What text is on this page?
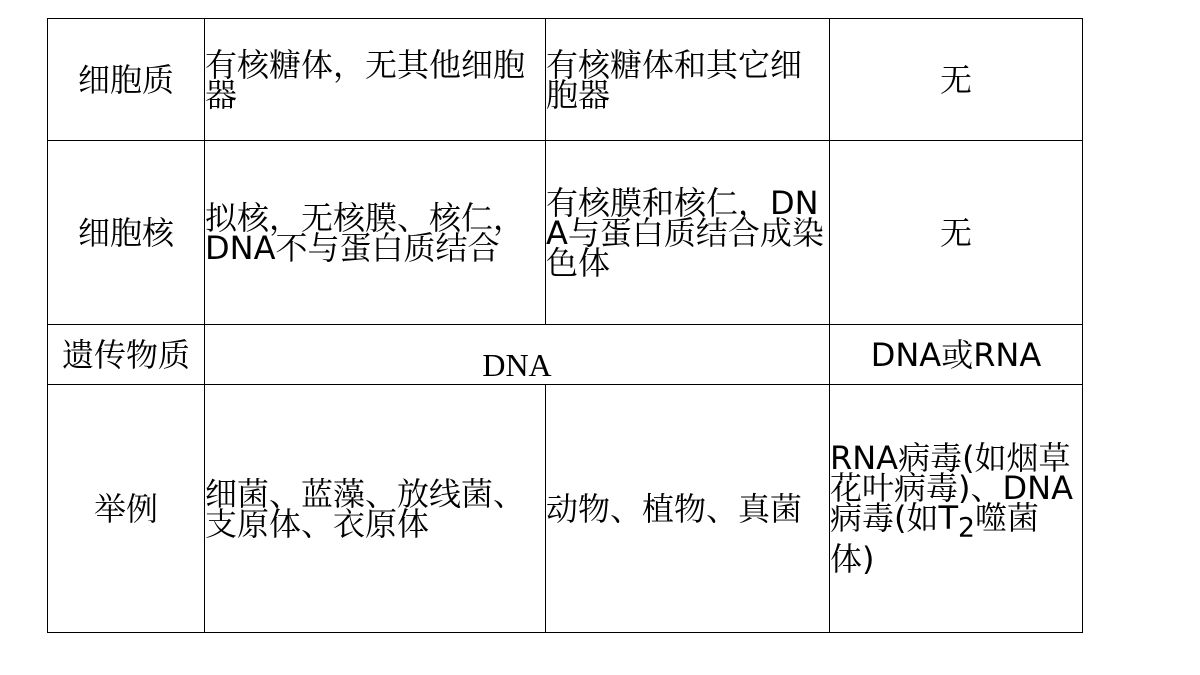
细胞质	有核糖体，无其他细胞器	有核糖体和其它细胞器	无

细胞核	拟核，无核膜、核仁，DNA不与蛋白质结合	有核膜和核仁，DNA与蛋白质结合成染色体	无

遗传物质	DNA		DNA或RNA

举例	细菌、蓝藻、放线菌、支原体、衣原体	动物、植物、真菌	RNA病毒(如烟草花叶病毒)、DNA病毒(如$T_2$噬菌体)
